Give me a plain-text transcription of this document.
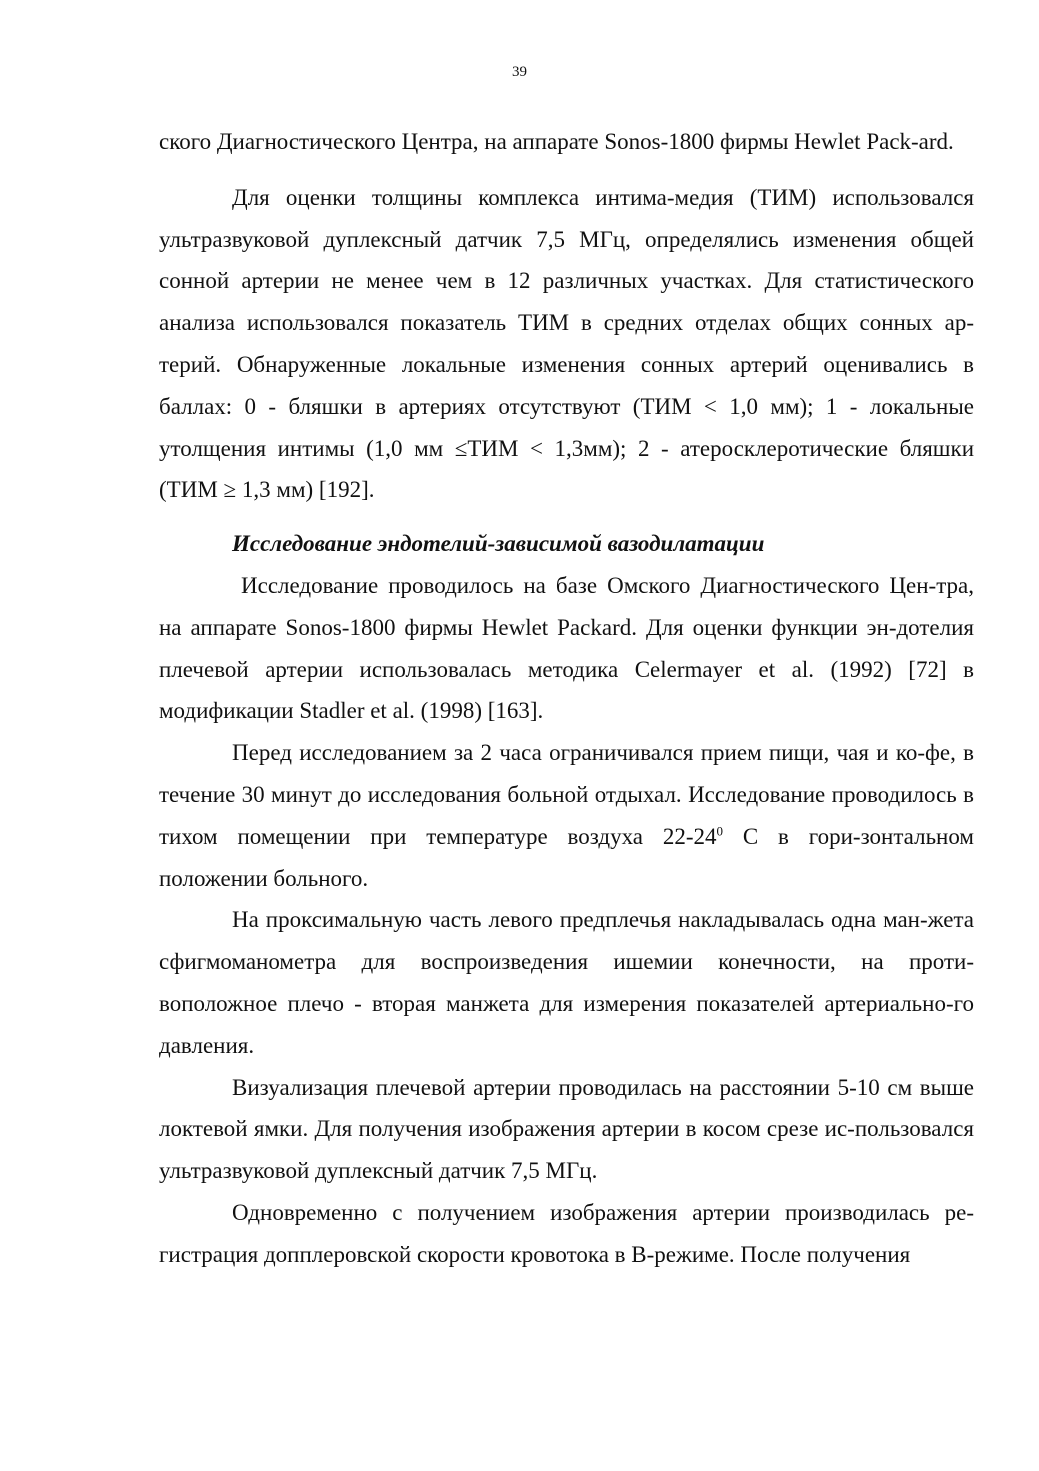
39

ского Диагностического Центра, на аппарате Sonos-1800 фирмы Hewlet Pack-ard.

Для оценки толщины комплекса интима-медия (ТИМ) использовался ультразвуковой дуплексный датчик 7,5 МГц, определялись изменения общей сонной артерии не менее чем в 12 различных участках. Для статистического анализа использовался показатель ТИМ в средних отделах общих сонных ар-терий. Обнаруженные локальные изменения сонных артерий оценивались в баллах: 0 - бляшки в артериях отсутствуют (ТИМ < 1,0 мм); 1 - локальные утолщения интимы (1,0 мм ≤ТИМ < 1,3мм); 2 - атеросклеротические бляшки (ТИМ ≥ 1,3 мм) [192].

Исследование эндотелий-зависимой вазодилатации

Исследование проводилось на базе Омского Диагностического Цен-тра, на аппарате Sonos-1800 фирмы Hewlet Packard. Для оценки функции эн-дотелия плечевой артерии использовалась методика Celermayer et al. (1992) [72] в модификации Stadler et al. (1998) [163].

Перед исследованием за 2 часа ограничивался прием пищи, чая и ко-фе, в течение 30 минут до исследования больной отдыхал. Исследование проводилось в тихом помещении при температуре воздуха $22-24^0$ С в гори-зонтальном положении больного.

На проксимальную часть левого предплечья накладывалась одна ман-жета сфигмоманометра для воспроизведения ишемии конечности, на проти-воположное плечо - вторая манжета для измерения показателей артериально-го давления.

Визуализация плечевой артерии проводилась на расстоянии 5-10 см выше локтевой ямки. Для получения изображения артерии в косом срезе ис-пользовался ультразвуковой дуплексный датчик 7,5 МГц.

Одновременно с получением изображения артерии производилась ре-гистрация допплеровской скорости кровотока в В-режиме. После получения
